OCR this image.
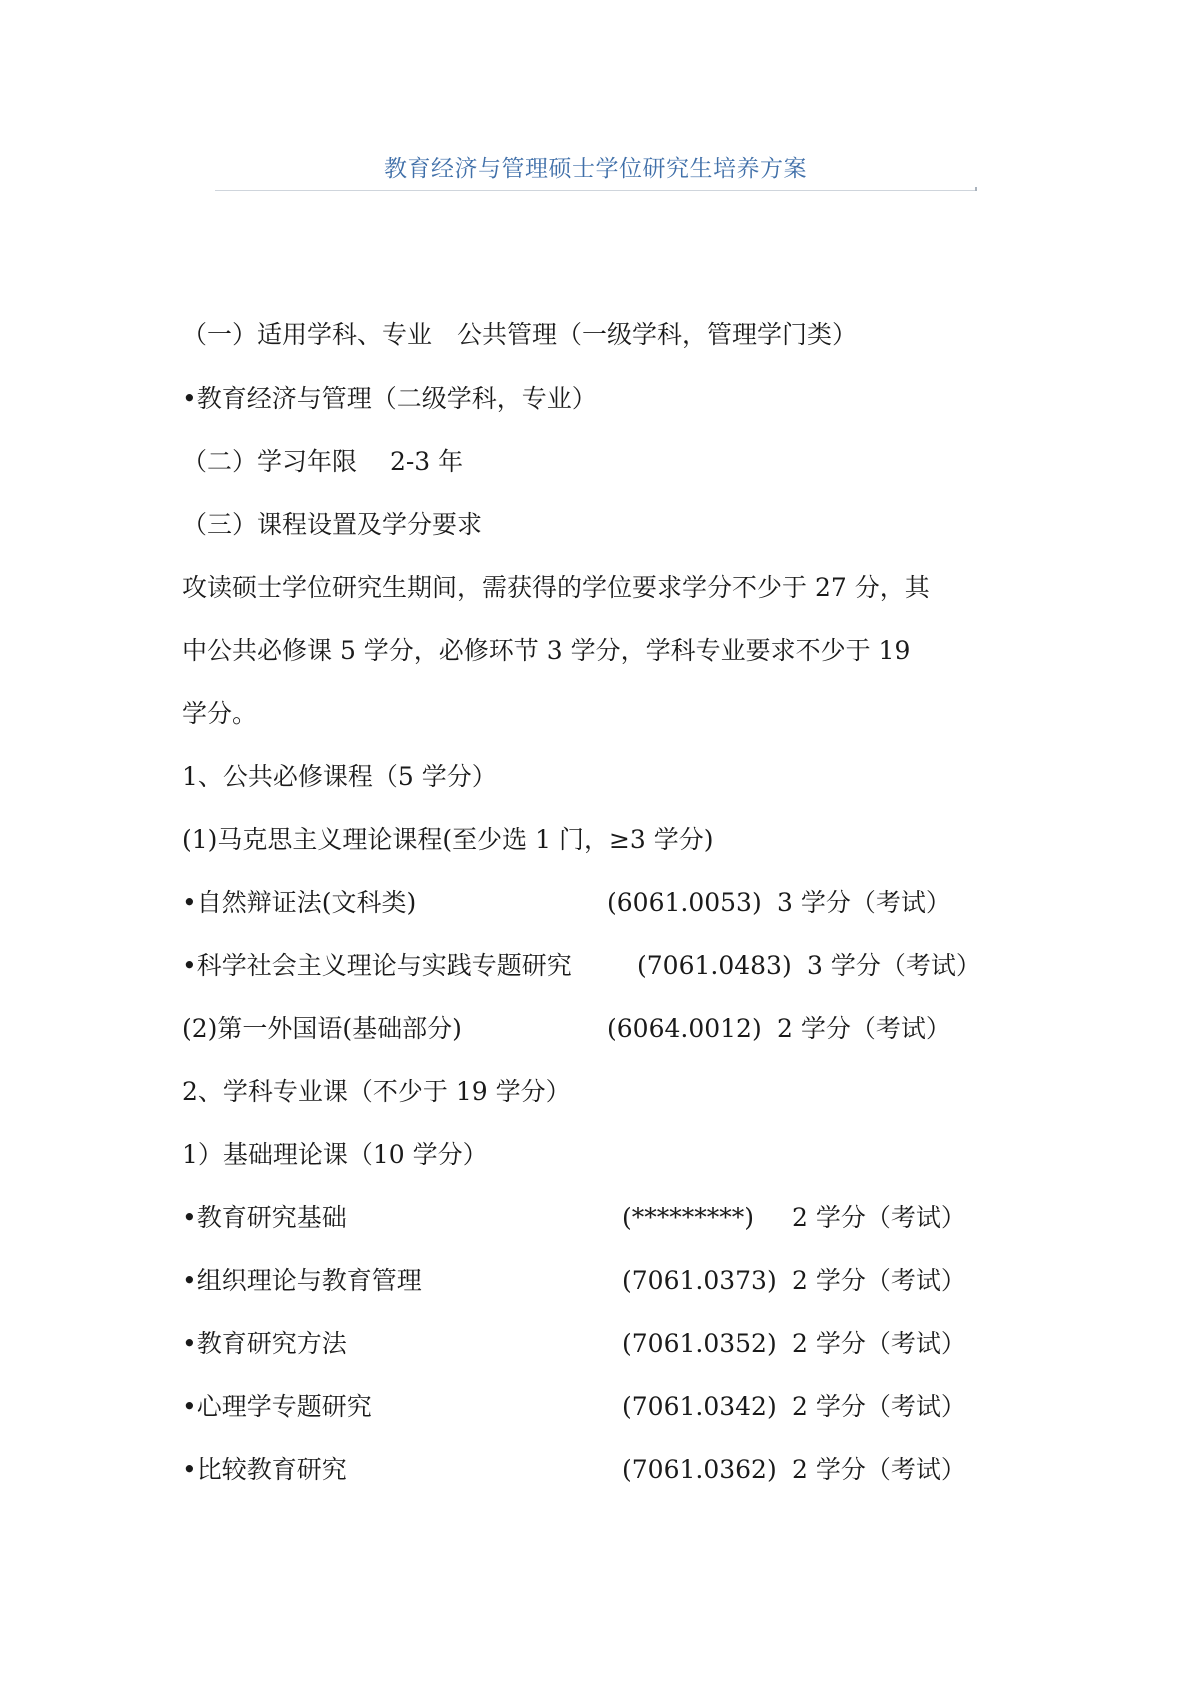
教育经济与管理硕士学位研究生培养方案
（一）适用学科、专业　公共管理（一级学科，管理学门类）
•教育经济与管理（二级学科，专业）
（二）学习年限　 2-3 年
（三）课程设置及学分要求
攻读硕士学位研究生期间，需获得的学位要求学分不少于 27 分，其
中公共必修课 5 学分，必修环节 3 学分，学科专业要求不少于 19
学分。
1、公共必修课程（5 学分）
(1)马克思主义理论课程(至少选 1 门，≥3 学分)
•自然辩证法(文科类)	(6061.0053) 3 学分（考试）
•科学社会主义理论与实践专题研究	(7061.0483) 3 学分（考试）
(2)第一外国语(基础部分)	(6064.0012) 2 学分（考试）
2、学科专业课（不少于 19 学分）
1）基础理论课（10 学分）
•教育研究基础	(*********) 2 学分（考试）
•组织理论与教育管理	(7061.0373) 2 学分（考试）
•教育研究方法	(7061.0352) 2 学分（考试）
•心理学专题研究	(7061.0342) 2 学分（考试）
•比较教育研究	(7061.0362) 2 学分（考试）
